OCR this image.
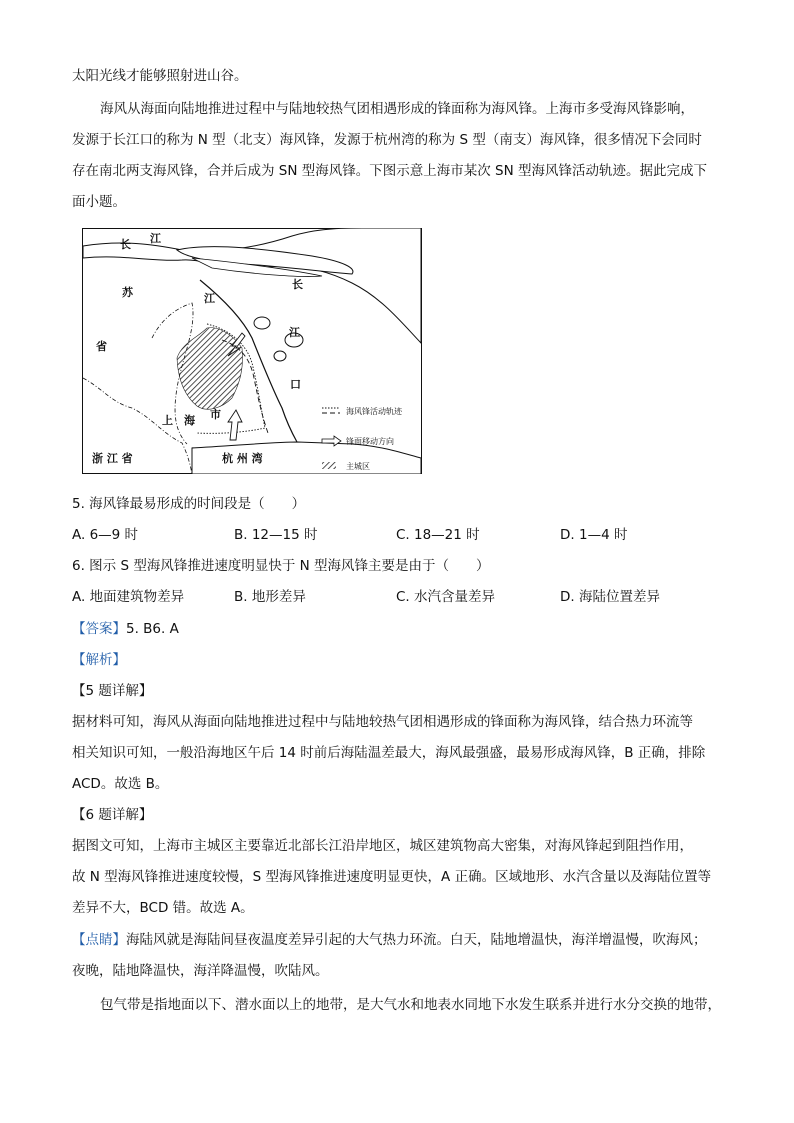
太阳光线才能够照射进山谷。
海风从海面向陆地推进过程中与陆地较热气团相遇形成的锋面称为海风锋。上海市多受海风锋影响，
发源于长江口的称为 N 型（北支）海风锋，发源于杭州湾的称为 S 型（南支）海风锋，很多情况下会同时
存在南北两支海风锋，合并后成为 SN 型海风锋。下图示意上海市某次 SN 型海风锋活动轨迹。据此完成下
面小题。
长 江
苏
省
江
长
江
口
上 海 市
浙 江 省	杭 州 湾
海风锋活动轨迹
锋面移动方向
主城区
5. 海风锋最易形成的时间段是（　　）
A. 6—9 时	B. 12—15 时	C. 18—21 时	D. 1—4 时
6. 图示 S 型海风锋推进速度明显快于 N 型海风锋主要是由于（　　）
A. 地面建筑物差异	B. 地形差异	C. 水汽含量差异	D. 海陆位置差异
【答案】5. B6. A
【解析】
【5 题详解】
据材料可知，海风从海面向陆地推进过程中与陆地较热气团相遇形成的锋面称为海风锋，结合热力环流等
相关知识可知，一般沿海地区午后 14 时前后海陆温差最大，海风最强盛，最易形成海风锋，B 正确，排除
ACD。故选 B。
【6 题详解】
据图文可知，上海市主城区主要靠近北部长江沿岸地区，城区建筑物高大密集，对海风锋起到阻挡作用，
故 N 型海风锋推进速度较慢，S 型海风锋推进速度明显更快，A 正确。区域地形、水汽含量以及海陆位置等
差异不大，BCD 错。故选 A。
【点睛】海陆风就是海陆间昼夜温度差异引起的大气热力环流。白天，陆地增温快，海洋增温慢，吹海风；
夜晚，陆地降温快，海洋降温慢，吹陆风。
包气带是指地面以下、潜水面以上的地带，是大气水和地表水同地下水发生联系并进行水分交换的地带，
